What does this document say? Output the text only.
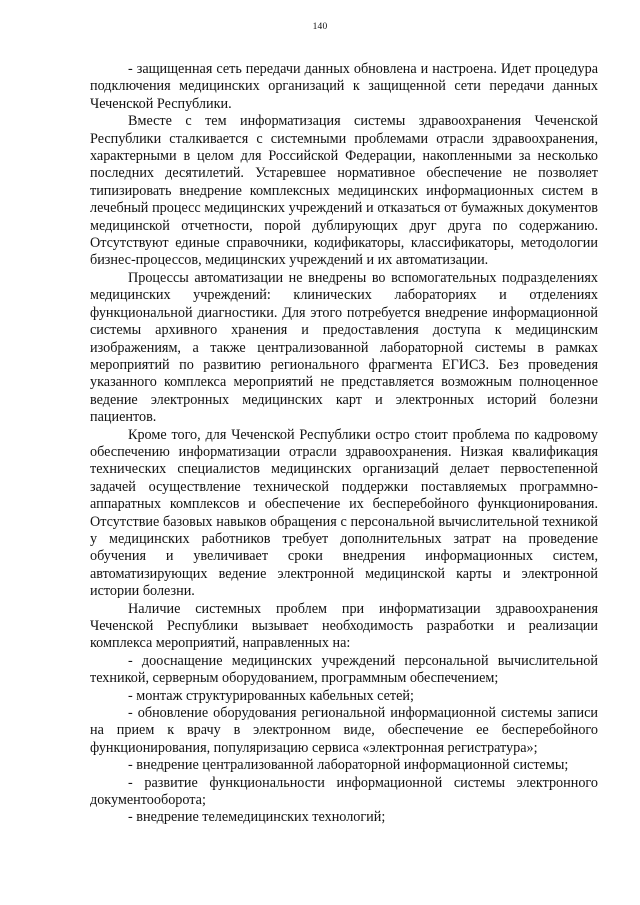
140

- защищенная сеть передачи данных обновлена и настроена. Идет процедура подключения медицинских организаций к защищенной сети передачи данных Чеченской Республики.

Вместе с тем информатизация системы здравоохранения Чеченской Республики сталкивается с системными проблемами отрасли здравоохранения, характерными в целом для Российской Федерации, накопленными за несколько последних десятилетий. Устаревшее нормативное обеспечение не позволяет типизировать внедрение комплексных медицинских информационных систем в лечебный процесс медицинских учреждений и отказаться от бумажных документов медицинской отчетности, порой дублирующих друг друга по содержанию. Отсутствуют единые справочники, кодификаторы, классификаторы, методологии бизнес-процессов, медицинских учреждений и их автоматизации.

Процессы автоматизации не внедрены во вспомогательных подразделениях медицинских учреждений: клинических лабораториях и отделениях функциональной диагностики. Для этого потребуется внедрение информационной системы архивного хранения и предоставления доступа к медицинским изображениям, а также централизованной лабораторной системы в рамках мероприятий по развитию регионального фрагмента ЕГИСЗ. Без проведения указанного комплекса мероприятий не представляется возможным полноценное ведение электронных медицинских карт и электронных историй болезни пациентов.

Кроме того, для Чеченской Республики остро стоит проблема по кадровому обеспечению информатизации отрасли здравоохранения. Низкая квалификация технических специалистов медицинских организаций делает первостепенной задачей осуществление технической поддержки поставляемых программно-аппаратных комплексов и обеспечение их бесперебойного функционирования. Отсутствие базовых навыков обращения с персональной вычислительной техникой у медицинских работников требует дополнительных затрат на проведение обучения и увеличивает сроки внедрения информационных систем, автоматизирующих ведение электронной медицинской карты и электронной истории болезни.

Наличие системных проблем при информатизации здравоохранения Чеченской Республики вызывает необходимость разработки и реализации комплекса мероприятий, направленных на:

- дооснащение медицинских учреждений персональной вычислительной техникой, серверным оборудованием, программным обеспечением;

- монтаж структурированных кабельных сетей;

- обновление оборудования региональной информационной системы записи на прием к врачу в электронном виде, обеспечение ее бесперебойного функционирования, популяризацию сервиса «электронная регистратура»;

- внедрение централизованной лабораторной информационной системы;

- развитие функциональности информационной системы электронного документооборота;

- внедрение телемедицинских технологий;
